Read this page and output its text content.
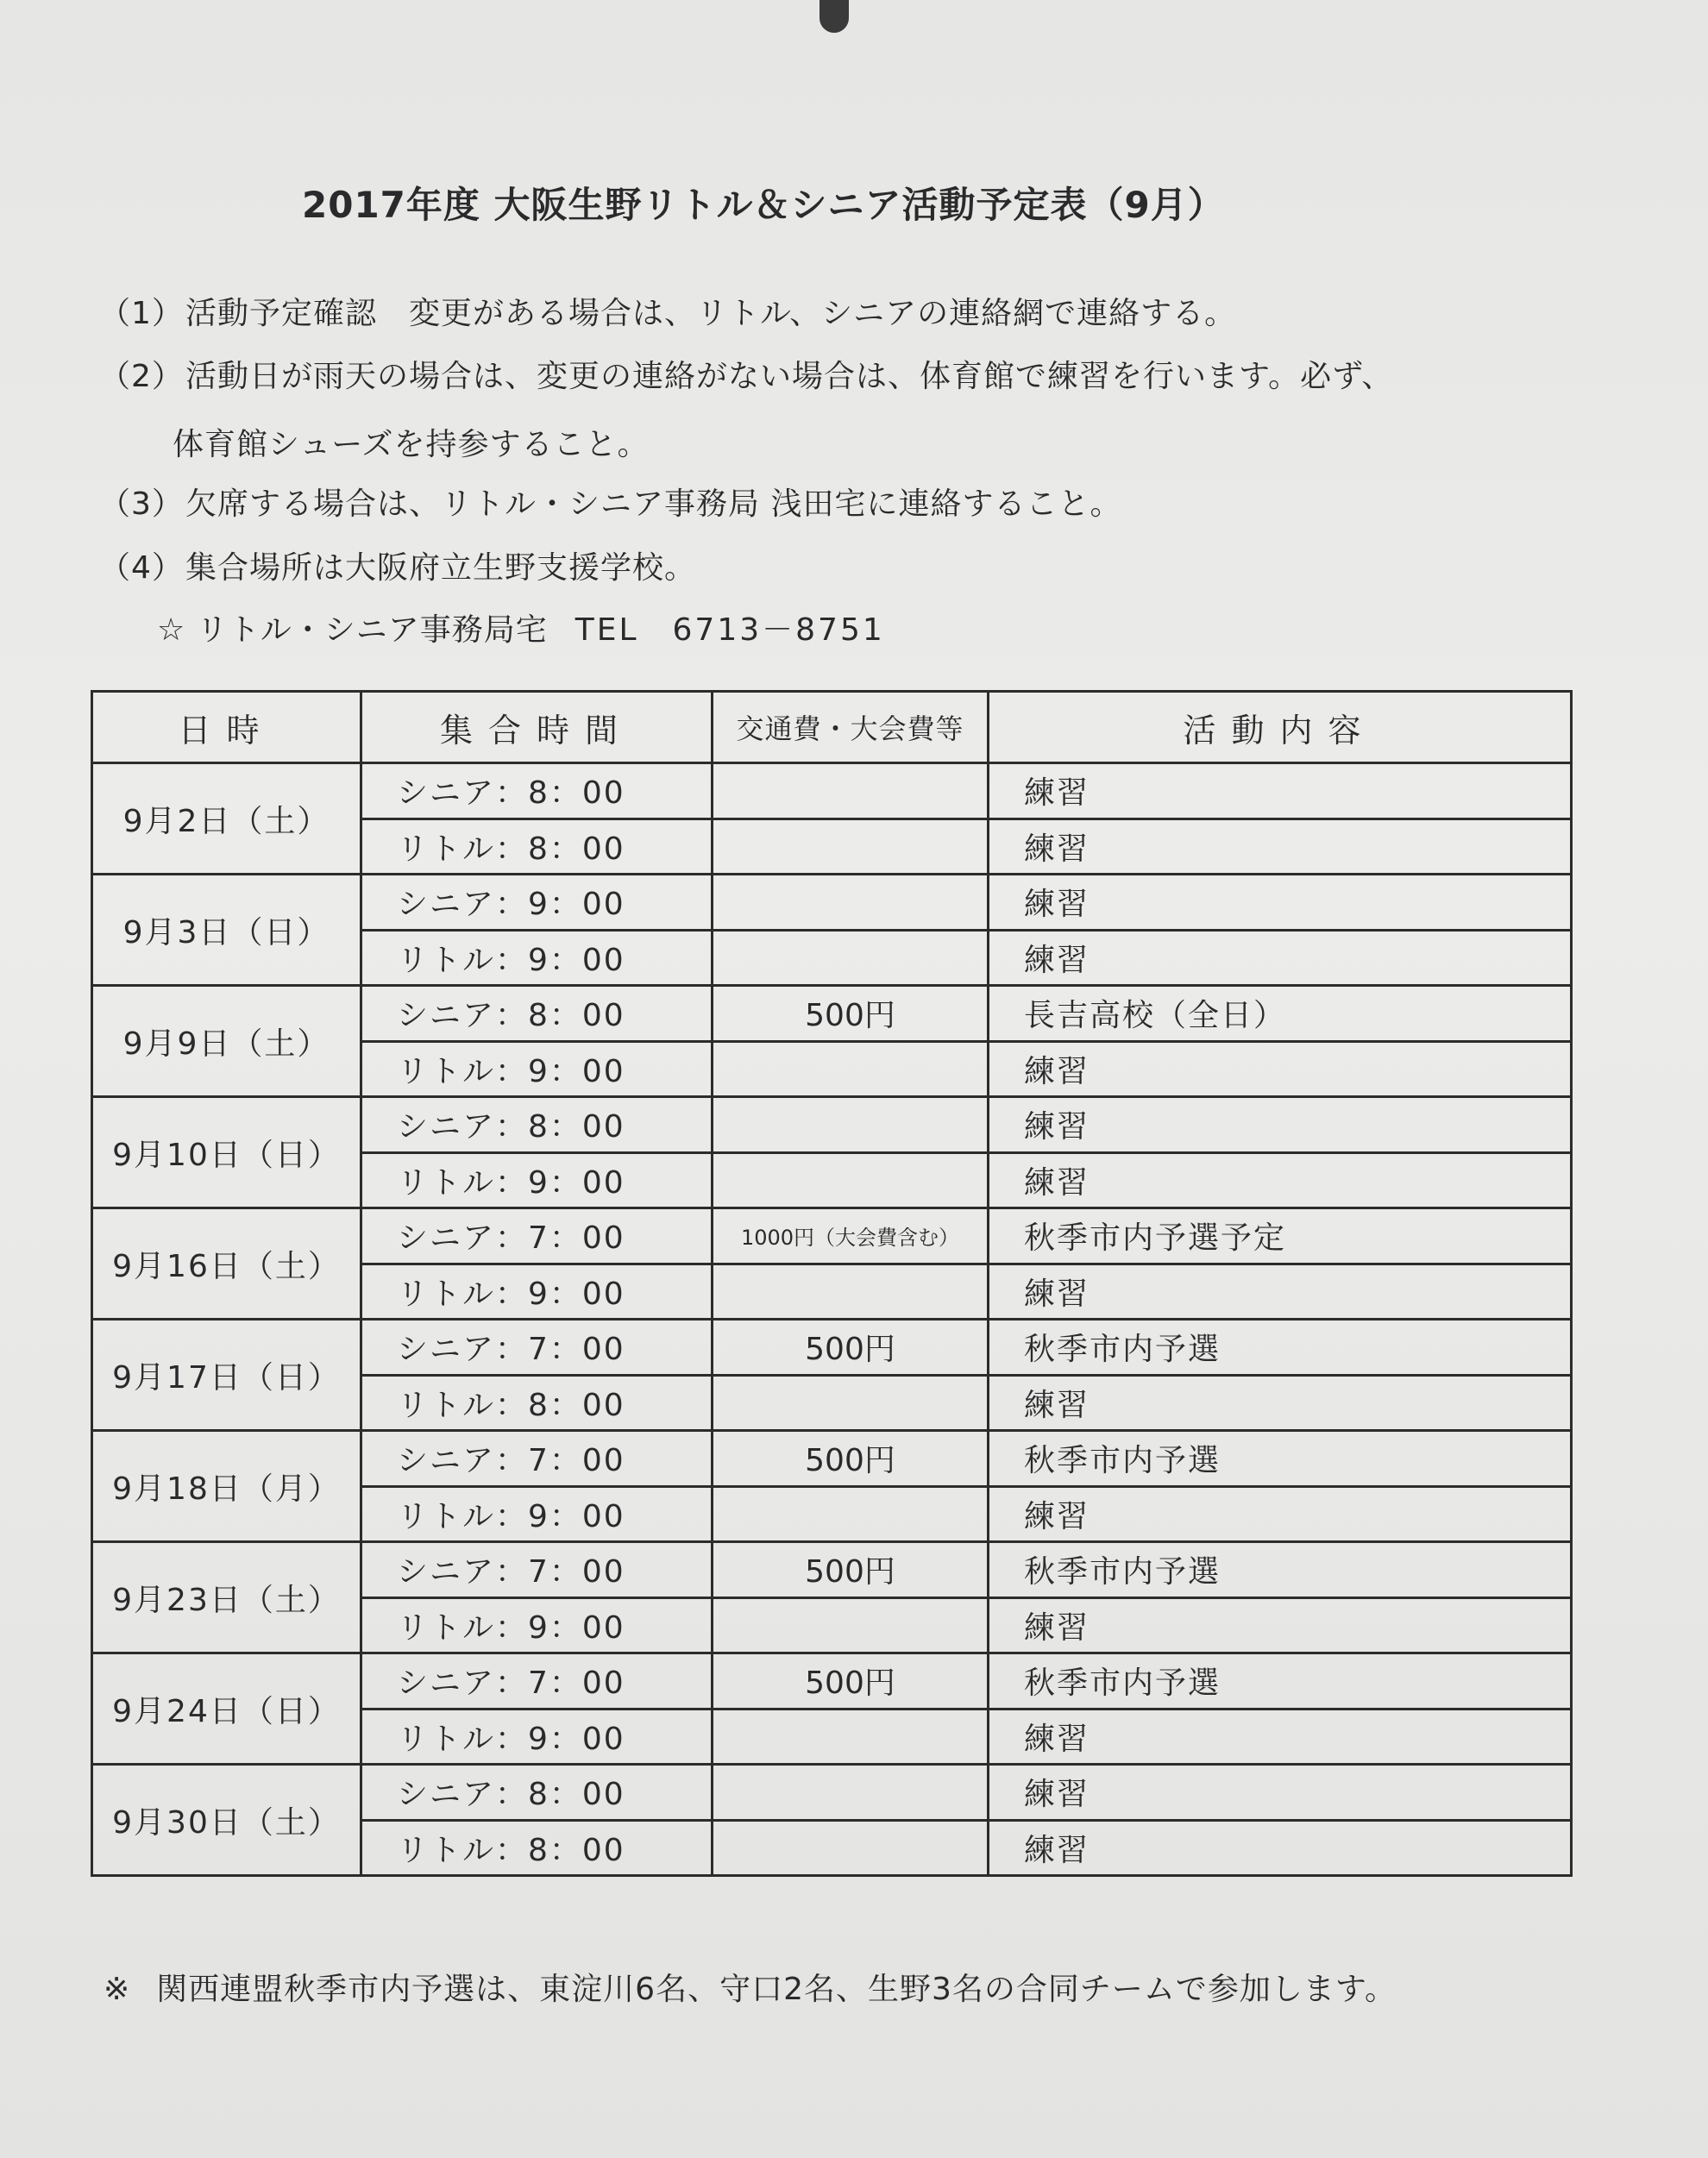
2017年度 大阪生野リトル＆シニア活動予定表（9月）
（1）活動予定確認　変更がある場合は、リトル、シニアの連絡網で連絡する。
（2）活動日が雨天の場合は、変更の連絡がない場合は、体育館で練習を行います。必ず、
体育館シューズを持参すること。
（3）欠席する場合は、リトル・シニア事務局 浅田宅に連絡すること。
（4）集合場所は大阪府立生野支援学校。
☆ リトル・シニア事務局宅 TEL　6713－8751
日時	集合時間	交通費・大会費等	活動内容
9月2日（土）	シニア：8：00		練習
	リトル：8：00		練習
9月3日（日）	シニア：9：00		練習
	リトル：9：00		練習
9月9日（土）	シニア：8：00	500円	長吉高校（全日）
	リトル：9：00		練習
9月10日（日）	シニア：8：00		練習
	リトル：9：00		練習
9月16日（土）	シニア：7：00	1000円（大会費含む）	秋季市内予選予定
	リトル：9：00		練習
9月17日（日）	シニア：7：00	500円	秋季市内予選
	リトル：8：00		練習
9月18日（月）	シニア：7：00	500円	秋季市内予選
	リトル：9：00		練習
9月23日（土）	シニア：7：00	500円	秋季市内予選
	リトル：9：00		練習
9月24日（日）	シニア：7：00	500円	秋季市内予選
	リトル：9：00		練習
9月30日（土）	シニア：8：00		練習
	リトル：8：00		練習
※ 関西連盟秋季市内予選は、東淀川6名、守口2名、生野3名の合同チームで参加します。
